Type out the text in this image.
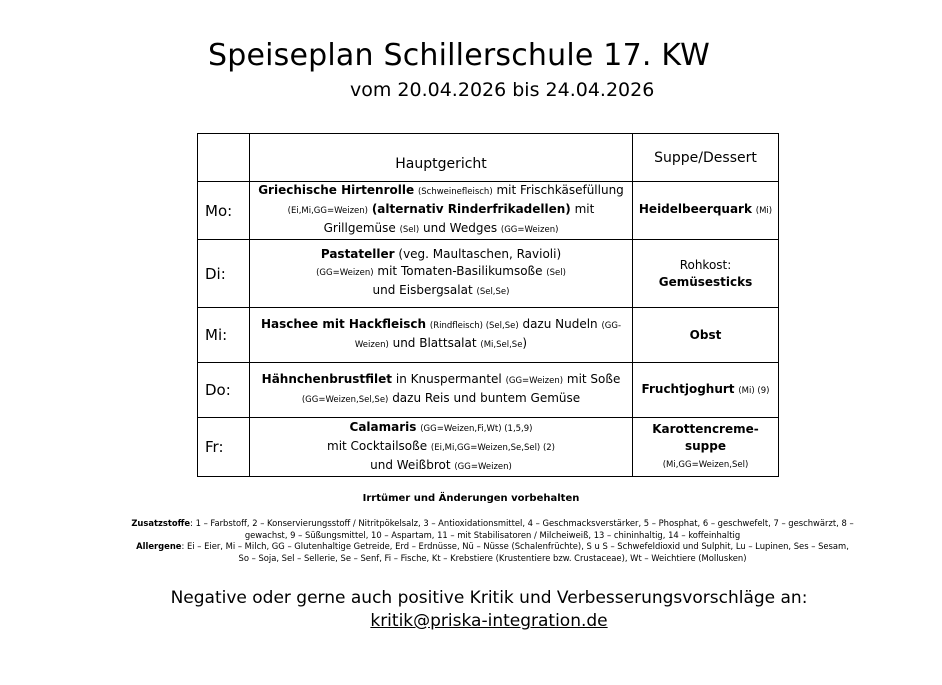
Speiseplan Schillerschule 17. KW
vom 20.04.2026 bis 24.04.2026
	Hauptgericht	Suppe/Dessert
Mo:	Griechische Hirtenrolle (Schweinefleisch) mit Frischkäsefüllung (Ei,Mi,GG=Weizen) (alternativ Rinderfrikadellen) mit Grillgemüse (Sel) und Wedges (GG=Weizen)	Heidelbeerquark (Mi)
Di:	Pastateller (veg. Maultaschen, Ravioli)
(GG=Weizen) mit Tomaten-Basilikumsoße (Sel)
und Eisbergsalat (Sel,Se)	Rohkost:
Gemüsesticks
Mi:	Haschee mit Hackfleisch (Rindfleisch) (Sel,Se) dazu Nudeln (GG-Weizen) und Blattsalat (Mi,Sel,Se)	Obst
Do:	Hähnchenbrustfilet in Knuspermantel (GG=Weizen) mit Soße
(GG=Weizen,Sel,Se) dazu Reis und buntem Gemüse	Fruchtjoghurt (Mi) (9)
Fr:	Calamaris (GG=Weizen,Fi,Wt) (1,5,9)
mit Cocktailsoße (Ei,Mi,GG=Weizen,Se,Sel) (2)
und Weißbrot (GG=Weizen)	Karottencreme-suppe
(Mi,GG=Weizen,Sel)
Irrtümer und Änderungen vorbehalten
Zusatzstoffe: 1 – Farbstoff, 2 – Konservierungsstoff / Nitritpökelsalz, 3 – Antioxidationsmittel, 4 – Geschmacksverstärker, 5 – Phosphat, 6 – geschwefelt, 7 – geschwärzt, 8 – gewachst, 9 – Süßungsmittel, 10 – Aspartam, 11 – mit Stabilisatoren / Milcheiweiß, 13 – chininhaltig, 14 – koffeinhaltig
Allergene: Ei – Eier, Mi – Milch, GG – Glutenhaltige Getreide, Erd – Erdnüsse, Nü – Nüsse (Schalenfrüchte), S u S – Schwefeldioxid und Sulphit, Lu – Lupinen, Ses – Sesam, So – Soja, Sel – Sellerie, Se – Senf, Fi – Fische, Kt – Krebstiere (Krustentiere bzw. Crustaceae), Wt – Weichtiere (Mollusken)
Negative oder gerne auch positive Kritik und Verbesserungsvorschläge an:
kritik@priska-integration.de
